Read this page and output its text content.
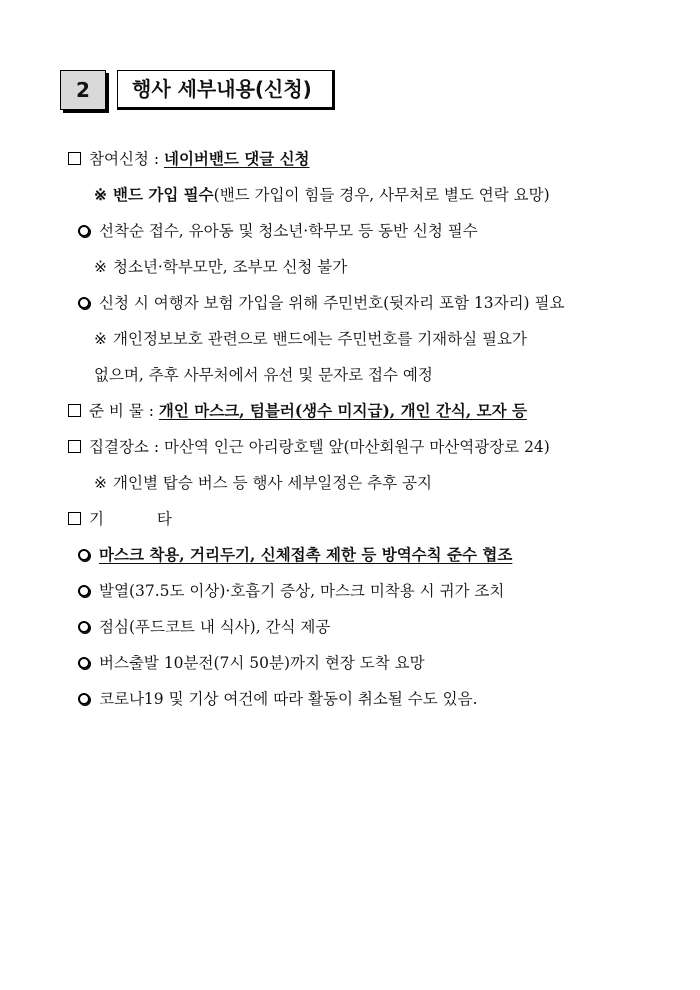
2	행사 세부내용(신청)
참여신청 : 네이버밴드 댓글 신청
※ 밴드 가입 필수(밴드 가입이 힘들 경우, 사무처로 별도 연락 요망)
선착순 접수, 유아동 및 청소년·학무모 등 동반 신청 필수
※ 청소년·학부모만, 조부모 신청 불가
신청 시 여행자 보험 가입을 위해 주민번호(뒷자리 포함 13자리) 필요
※ 개인정보보호 관련으로 밴드에는 주민번호를 기재하실 필요가
없으며, 추후 사무처에서 유선 및 문자로 접수 예정
준 비 물 : 개인 마스크, 텀블러(생수 미지급), 개인 간식, 모자 등
집결장소 : 마산역 인근 아리랑호텔 앞(마산회원구 마산역광장로 24)
※ 개인별 탑승 버스 등 행사 세부일정은 추후 공지
기 타
마스크 착용, 거리두기, 신체접촉 제한 등 방역수칙 준수 협조
발열(37.5도 이상)·호흡기 증상, 마스크 미착용 시 귀가 조치
점심(푸드코트 내 식사), 간식 제공
버스출발 10분전(7시 50분)까지 현장 도착 요망
코로나19 및 기상 여건에 따라 활동이 취소될 수도 있음.
